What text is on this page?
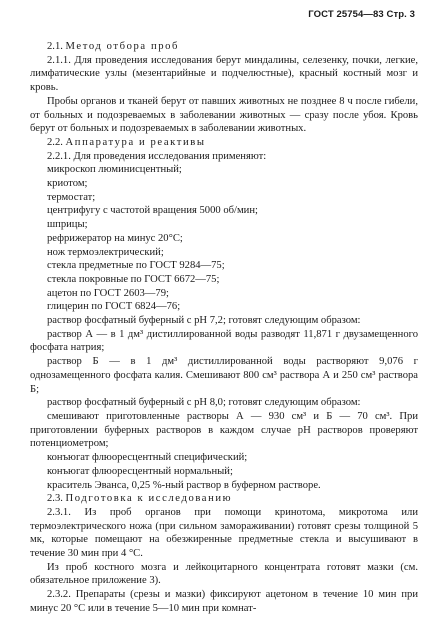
ГОСТ 25754—83 Стр. 3

2.1. Метод отбора проб

2.1.1. Для проведения исследования берут миндалины, селезенку, почки, легкие, лимфатические узлы (мезентарийные и подчелюстные), красный костный мозг и кровь.

Пробы органов и тканей берут от павших животных не позднее 8 ч после гибели, от больных и подозреваемых в заболевании животных — сразу после убоя. Кровь берут от больных и подозреваемых в заболевании животных.

2.2. Аппаратура и реактивы

2.2.1. Для проведения исследования применяют:

микроскоп люминисцентный;

криотом;

термостат;

центрифугу с частотой вращения 5000 об/мин;

шприцы;

рефрижератор на минус 20°С;

нож термоэлектрический;

стекла предметные по ГОСТ 9284—75;

стекла покровные по ГОСТ 6672—75;

ацетон по ГОСТ 2603—79;

глицерин по ГОСТ 6824—76;

раствор фосфатный буферный с pH 7,2; готовят следующим образом:

раствор А — в 1 дм³ дистиллированной воды разводят 11,871 г двузамещенного фосфата натрия;

раствор Б — в 1 дм³ дистиллированной воды растворяют 9,076 г однозамещенного фосфата калия. Смешивают 800 см³ раствора А и 250 см³ раствора Б;

раствор фосфатный буферный с pH 8,0; готовят следующим образом:

смешивают приготовленные растворы А — 930 см³ и Б — 70 см³. При приготовлении буферных растворов в каждом случае pH растворов проверяют потенциометром;

конъюгат флюоресцентный специфический;

конъюгат флюоресцентный нормальный;

краситель Эванса, 0,25 %-ный раствор в буферном растворе.

2.3. Подготовка к исследованию

2.3.1. Из проб органов при помощи кринотома, микротома или термоэлектрического ножа (при сильном замораживании) готовят срезы толщиной 5 мк, которые помещают на обезжиренные предметные стекла и высушивают в течение 30 мин при 4 °С.

Из проб костного мозга и лейкоцитарного концентрата готовят мазки (см. обязательное приложение 3).

2.3.2. Препараты (срезы и мазки) фиксируют ацетоном в течение 10 мин при минус 20 °С или в течение 5—10 мин при комнат-
